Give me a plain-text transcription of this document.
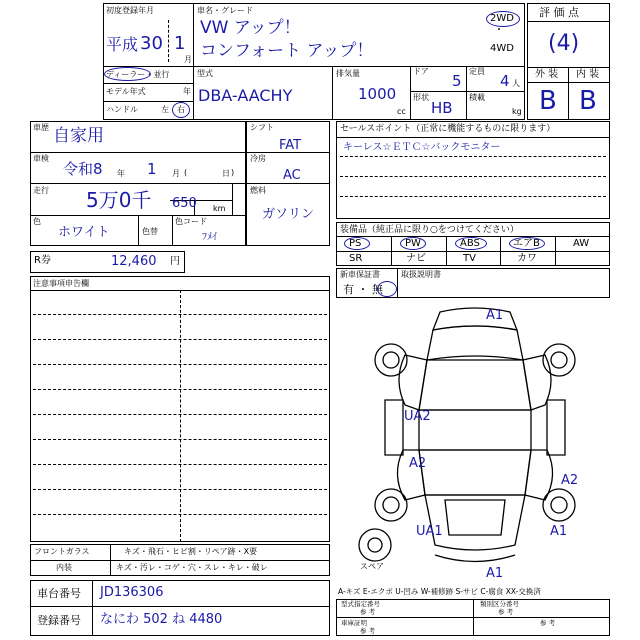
初度登録年月
平成 30 1
月
車名・グレード
VW アップ！
コンフォート アップ！
2WD
・
4WD
ディーラー・並行
モデル年式	年
ハンドル	左 右
型式
DBA-AACHY
排気量
1000
cc
ドア
5
定員
4 人
形状
HB
積載
kg
評 価 点
(4)
外 装 内 装
B B
車歴 自家用
車検
令和8 年 1 月 (	)
日
走行 5万0千 650 km
色
ホワイト	色替
色コード
ﾌﾒｲ
シフト
FAT
冷房
AC
燃料
ガソリン
R券	12,460 円
セールスポイント（正常に機能するものに限ります）
キーレス☆ＥＴＣ☆バックモニター
装備品（純正品に限り○をつけてください）
PS	PW	ABS	エアB	AW
SR	ナビ	TV	カワ
新車保証書
有 ・ 無
取扱説明書
注意事項申告欄
フロントガラス	キズ・飛石・ヒビ割・リペア跡・X要
内装	キズ・汚レ・コゲ・穴・スレ・キレ・破レ
車台番号 JD136306
登録番号 なにわ 502 ね 4480
A1
UA2
A2
A2
UA1	A1
A1
スペア
A-キズ E-エクボ U-凹み W-補修跡 S-サビ C-腐食 XX-交換済
型式指定番号
参 考
類別区分番号
参 考
車庫証明
参 考
参 考
